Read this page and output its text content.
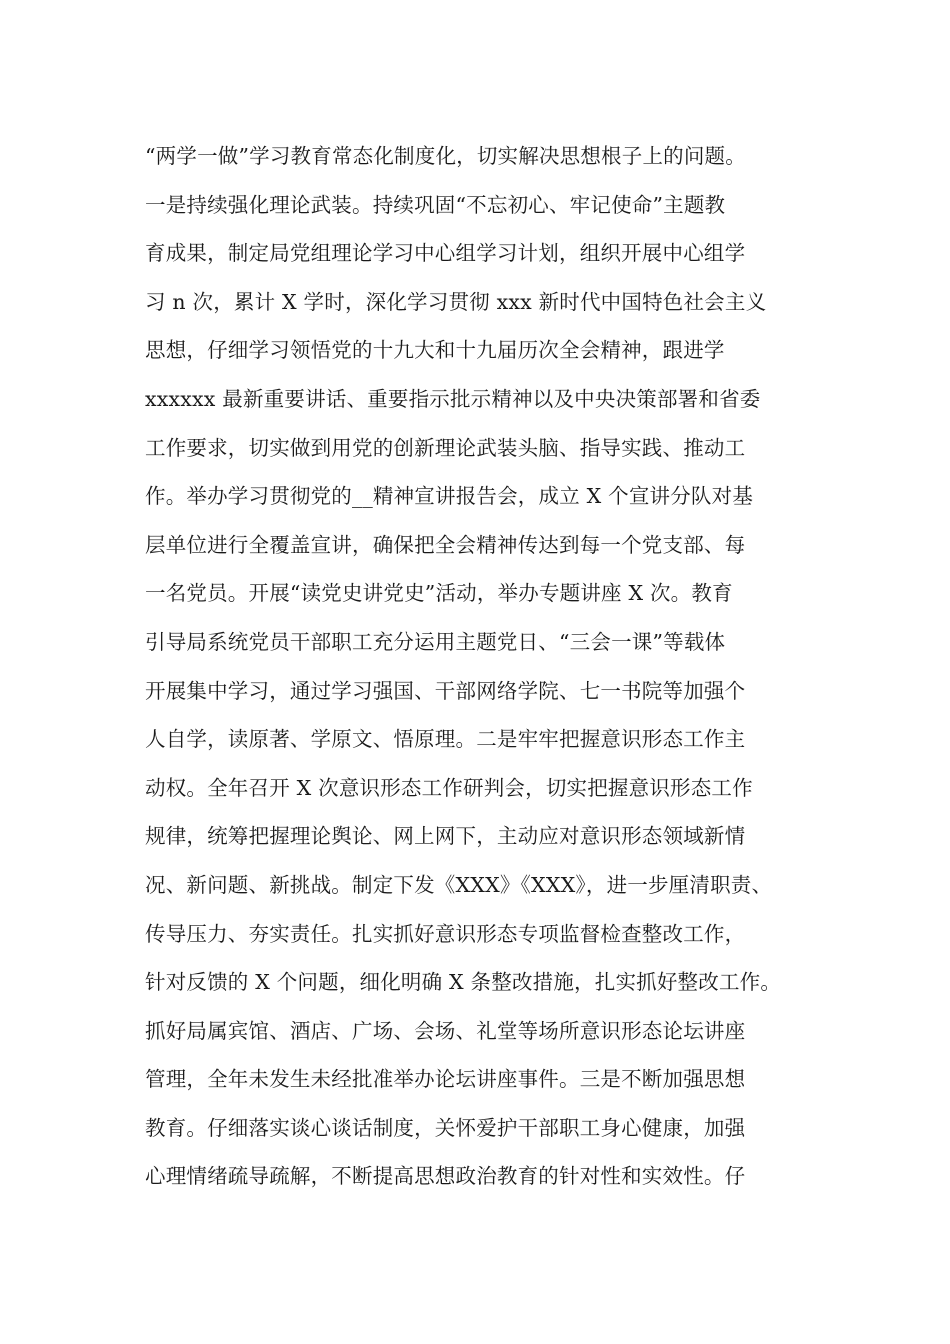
“两学一做”学习教育常态化制度化，切实解决思想根子上的问题。
一是持续强化理论武装。持续巩固“不忘初心、牢记使命”主题教
育成果，制定局党组理论学习中心组学习计划，组织开展中心组学
习 n 次，累计 X 学时，深化学习贯彻 xxx 新时代中国特色社会主义
思想，仔细学习领悟党的十九大和十九届历次全会精神，跟进学
xxxxxx 最新重要讲话、重要指示批示精神以及中央决策部署和省委
工作要求，切实做到用党的创新理论武装头脑、指导实践、推动工
作。举办学习贯彻党的__精神宣讲报告会，成立 X 个宣讲分队对基
层单位进行全覆盖宣讲，确保把全会精神传达到每一个党支部、每
一名党员。开展“读党史讲党史”活动，举办专题讲座 X 次。教育
引导局系统党员干部职工充分运用主题党日、“三会一课”等载体
开展集中学习，通过学习强国、干部网络学院、七一书院等加强个
人自学，读原著、学原文、悟原理。二是牢牢把握意识形态工作主
动权。全年召开 X 次意识形态工作研判会，切实把握意识形态工作
规律，统筹把握理论舆论、网上网下，主动应对意识形态领域新情
况、新问题、新挑战。制定下发《XXX》《XXX》，进一步厘清职责、
传导压力、夯实责任。扎实抓好意识形态专项监督检查整改工作，
针对反馈的 X 个问题，细化明确 X 条整改措施，扎实抓好整改工作。
抓好局属宾馆、酒店、广场、会场、礼堂等场所意识形态论坛讲座
管理，全年未发生未经批准举办论坛讲座事件。三是不断加强思想
教育。仔细落实谈心谈话制度，关怀爱护干部职工身心健康，加强
心理情绪疏导疏解，不断提高思想政治教育的针对性和实效性。仔
